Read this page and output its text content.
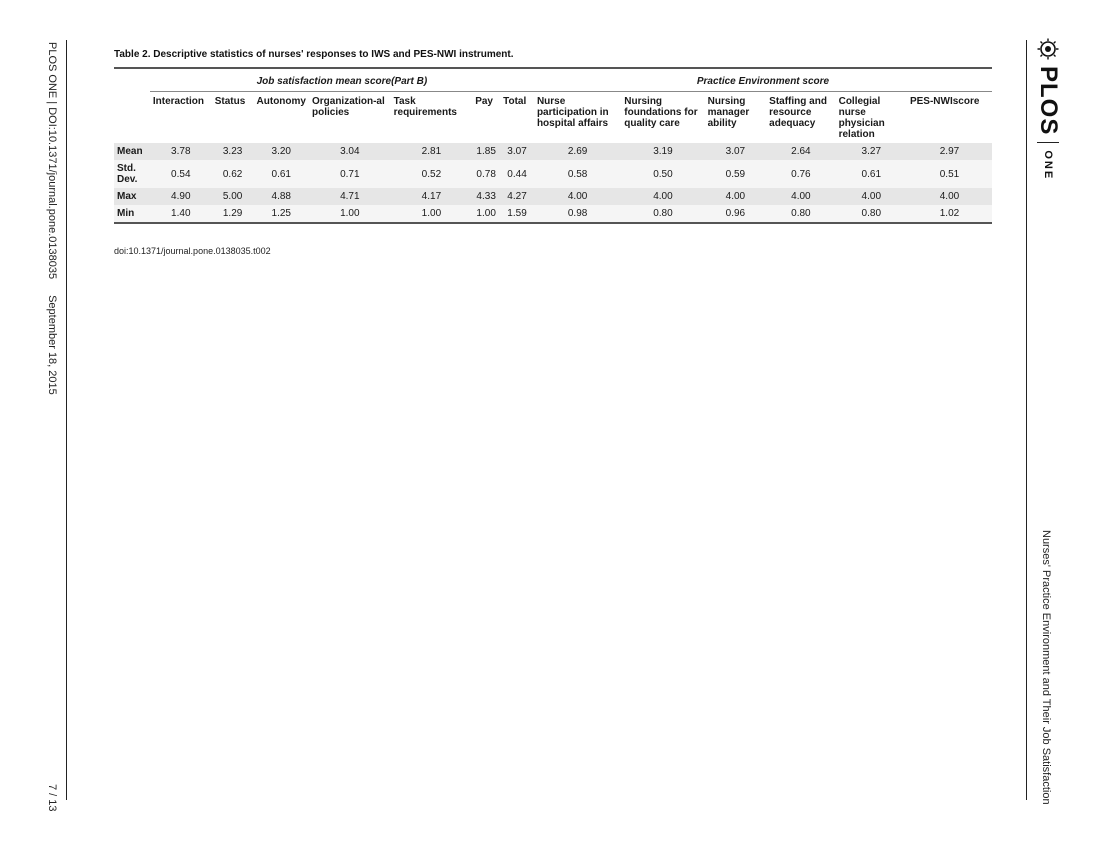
PLOS ONE | DOI:10.1371/journal.pone.0138035September 18, 2015
7 / 13
PLOS
ONE
Nurses' Practice Environment and Their Job Satisfaction
Table 2. Descriptive statistics of nurses' responses to IWS and PES-NWI instrument.
	Job satisfaction mean score(Part B)							Practice Environment score					
	Interaction	Status	Autonomy	Organization-al policies	Task requirements	Pay	Total	Nurse participation in hospital affairs	Nursing foundations for quality care	Nursing manager ability	Staffing and resource adequacy	Collegial nurse physician relation	PES-NWIscore
Mean	3.78	3.23	3.20	3.04	2.81	1.85	3.07	2.69	3.19	3.07	2.64	3.27	2.97
Std. Dev.	0.54	0.62	0.61	0.71	0.52	0.78	0.44	0.58	0.50	0.59	0.76	0.61	0.51
Max	4.90	5.00	4.88	4.71	4.17	4.33	4.27	4.00	4.00	4.00	4.00	4.00	4.00
Min	1.40	1.29	1.25	1.00	1.00	1.00	1.59	0.98	0.80	0.96	0.80	0.80	1.02
doi:10.1371/journal.pone.0138035.t002
